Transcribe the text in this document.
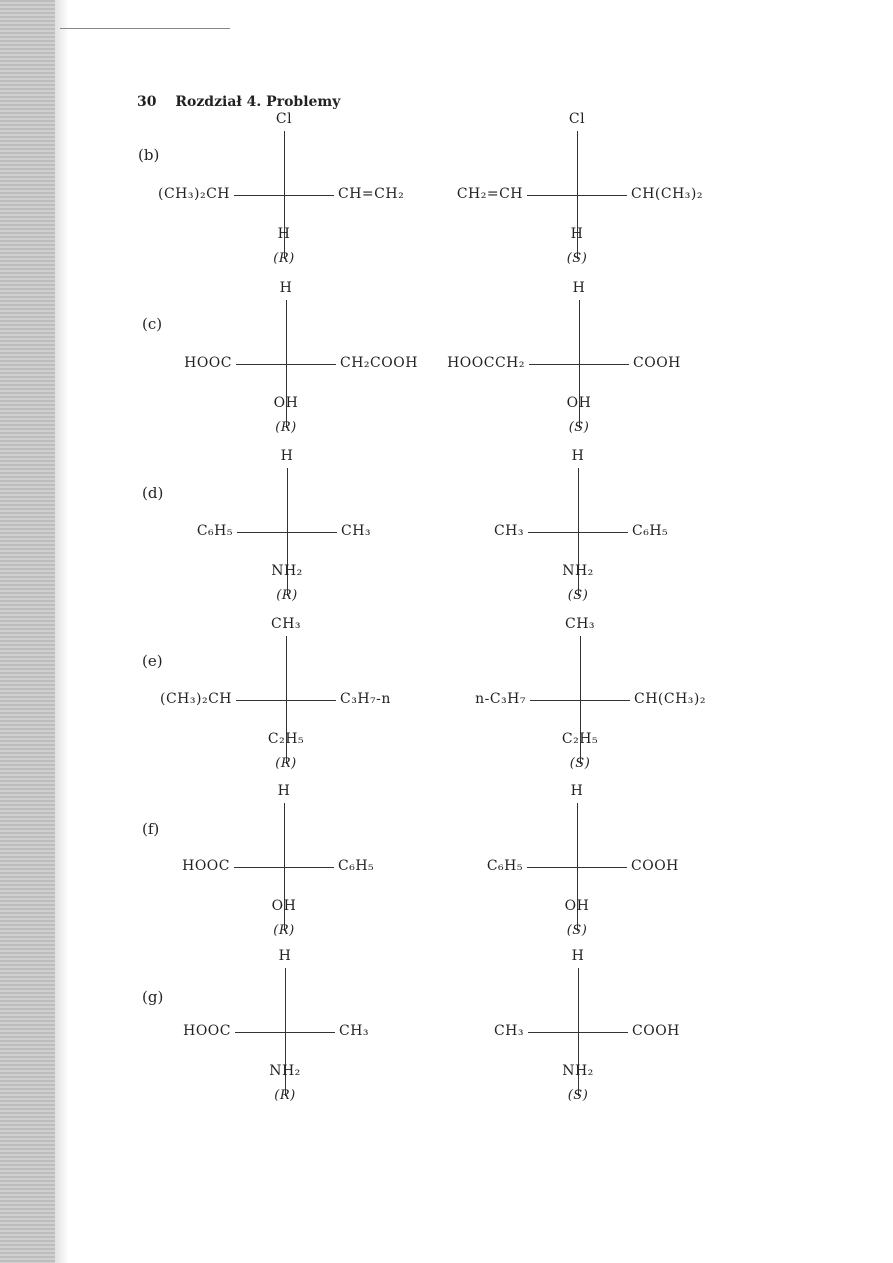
30 Rozdział 4. Problemy
(b)
Cl
(CH₃)₂CH	CH=CH₂
H
(R)
Cl
CH₂=CH	CH(CH₃)₂
H
(S)
(c)
H
HOOC	CH₂COOH
OH
(R)
H
HOOCCH₂	COOH
OH
(S)
(d)
H
C₆H₅	CH₃
NH₂
(R)
H
CH₃	C₆H₅
NH₂
(S)
(e)
CH₃
(CH₃)₂CH	C₃H₇-n
C₂H₅
(R)
CH₃
n-C₃H₇	CH(CH₃)₂
C₂H₅
(S)
(f)
H
HOOC	C₆H₅
OH
(R)
H
C₆H₅	COOH
OH
(S)
(g)
H
HOOC	CH₃
NH₂
(R)
H
CH₃	COOH
NH₂
(S)
